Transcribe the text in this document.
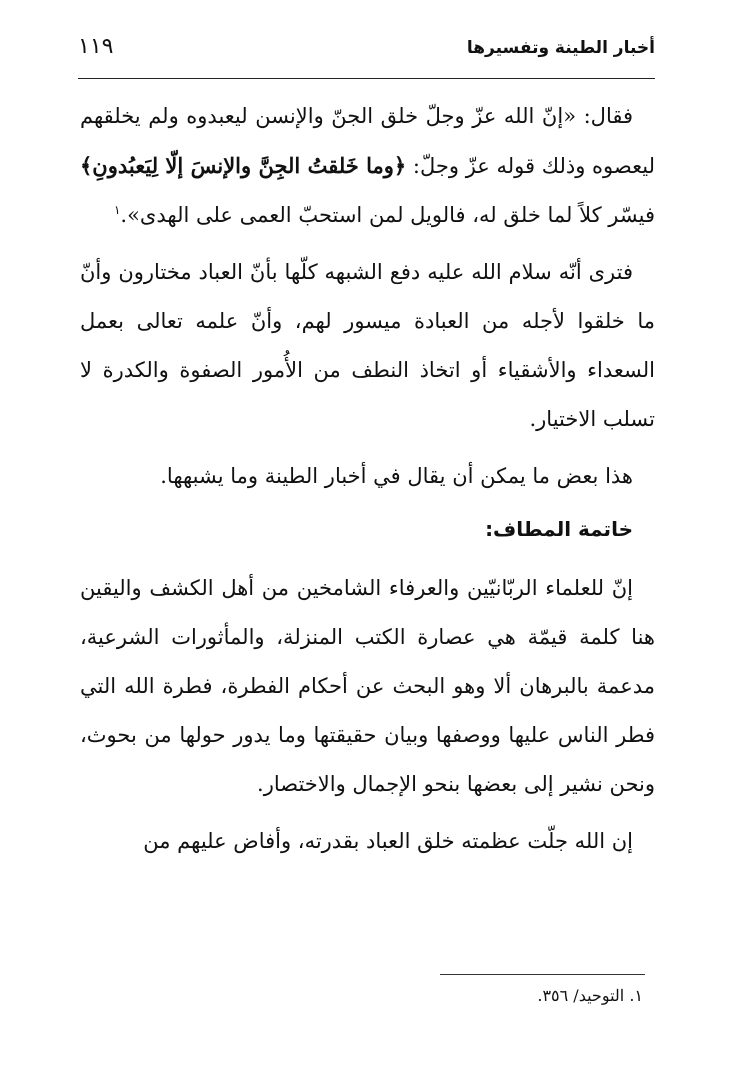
أخبار الطينة وتفسيرها
١١٩

فقال: «إنّ الله عزّ وجلّ خلق الجنّ والإنسن ليعبدوه ولم يخلقهم ليعصوه وذلك قوله عزّ وجلّ: ﴿وما خَلقتُ الجِنَّ والإنسَ إلّا لِيَعبُدونِ﴾ فيسّر كلاً لما خلق له، فالويل لمن استحبّ العمى على الهدى».$^١$

فترى أنّه سلام الله عليه دفع الشبهه كلّها بأنّ العباد مختارون وأنّ ما خلقوا لأجله من العبادة ميسور لهم، وأنّ علمه تعالى بعمل السعداء والأشقياء أو اتخاذ النطف من الأُمور الصفوة والكدرة لا تسلب الاختيار.

هذا بعض ما يمكن أن يقال في أخبار الطينة وما يشبهها.

خاتمة المطاف:

إنّ للعلماء الربّانيّين والعرفاء الشامخين من أهل الكشف واليقين هنا كلمة قيمّة هي عصارة الكتب المنزلة، والمأثورات الشرعية، مدعمة بالبرهان ألا وهو البحث عن أحكام الفطرة، فطرة الله التي فطر الناس عليها ووصفها وبيان حقيقتها وما يدور حولها من بحوث، ونحن نشير إلى بعضها بنحو الإجمال والاختصار.

إن الله جلّت عظمته خلق العباد بقدرته، وأفاض عليهم من

١. التوحيد/ ٣٥٦.
